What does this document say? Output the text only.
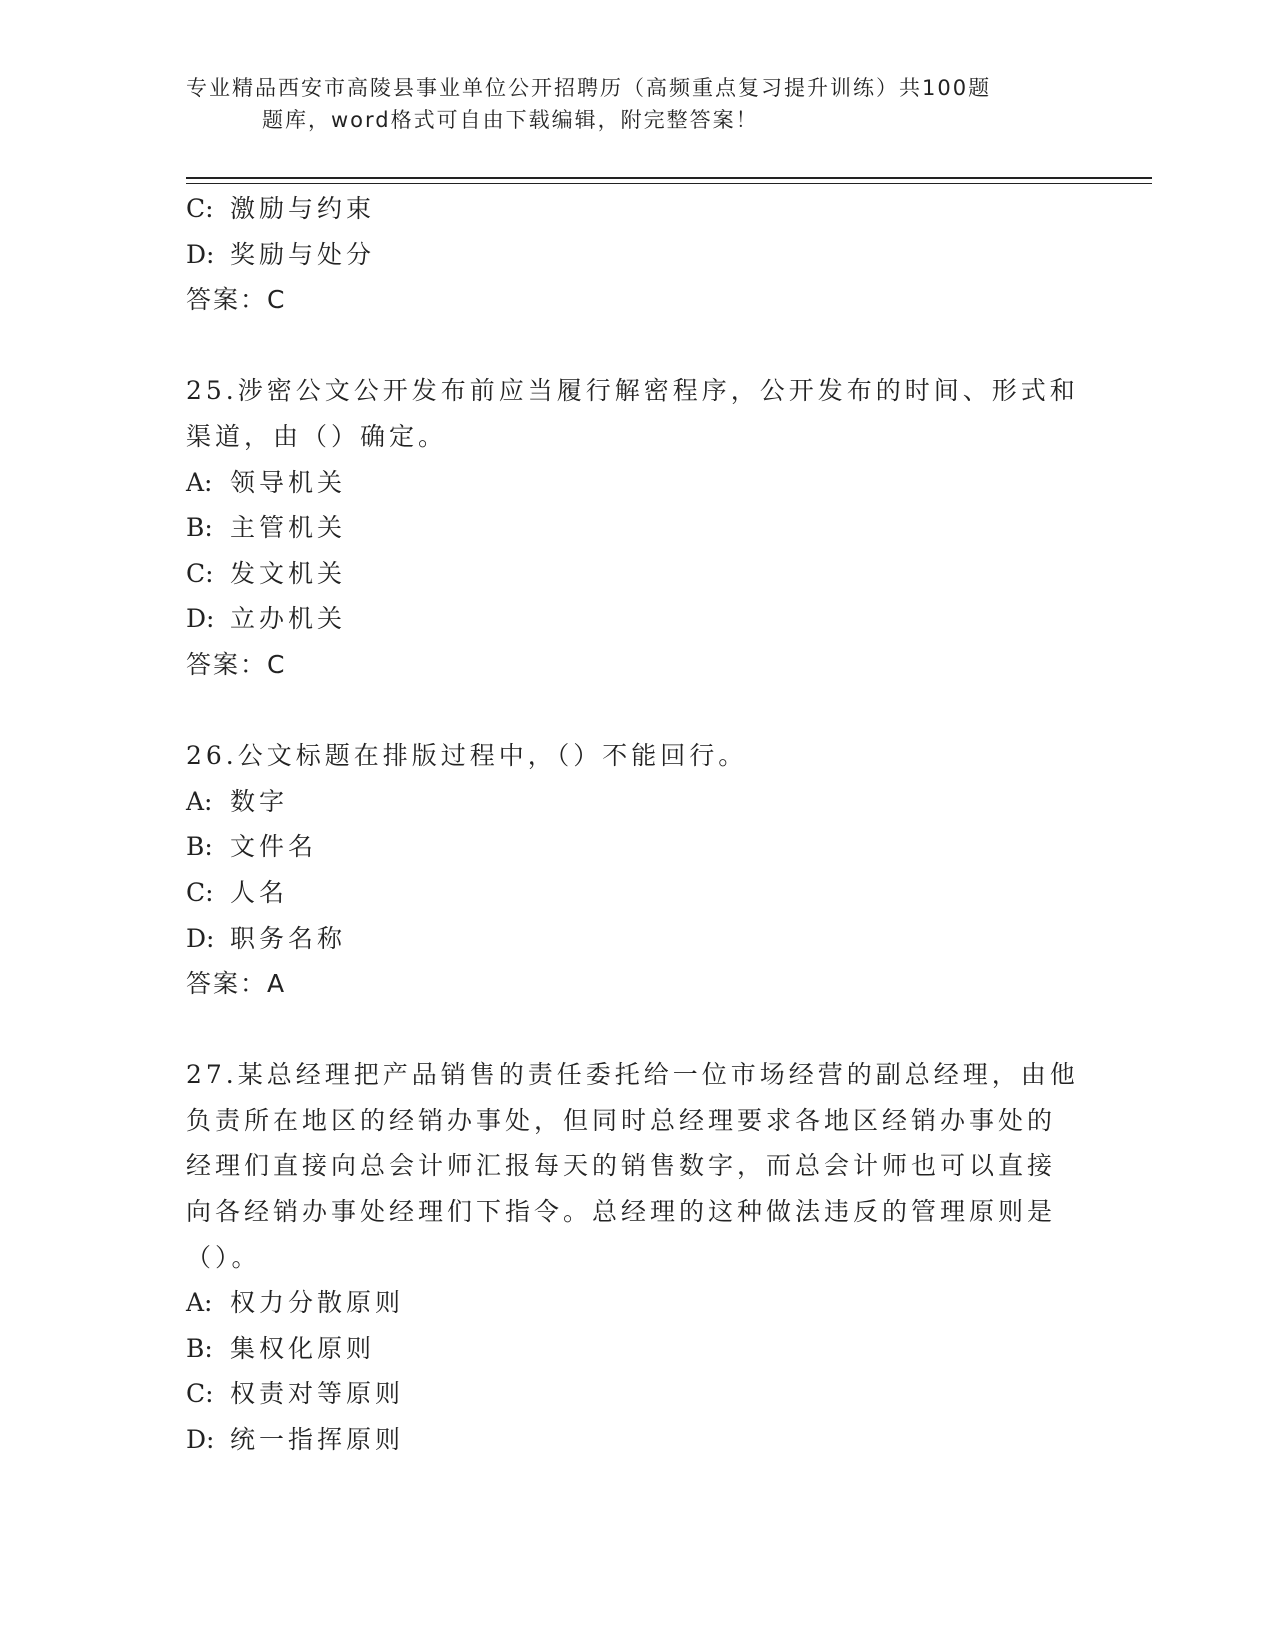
专业精品西安市高陵县事业单位公开招聘历（高频重点复习提升训练）共100题
题库，word格式可自由下载编辑，附完整答案！
C: 激励与约束
D: 奖励与处分
答案：C
25.涉密公文公开发布前应当履行解密程序，公开发布的时间、形式和
渠道，由（）确定。
A: 领导机关
B: 主管机关
C: 发文机关
D: 立办机关
答案：C
26.公文标题在排版过程中，（）不能回行。
A: 数字
B: 文件名
C: 人名
D: 职务名称
答案：A
27.某总经理把产品销售的责任委托给一位市场经营的副总经理，由他
负责所在地区的经销办事处，但同时总经理要求各地区经销办事处的
经理们直接向总会计师汇报每天的销售数字，而总会计师也可以直接
向各经销办事处经理们下指令。总经理的这种做法违反的管理原则是
（）。
A: 权力分散原则
B: 集权化原则
C: 权责对等原则
D: 统一指挥原则
